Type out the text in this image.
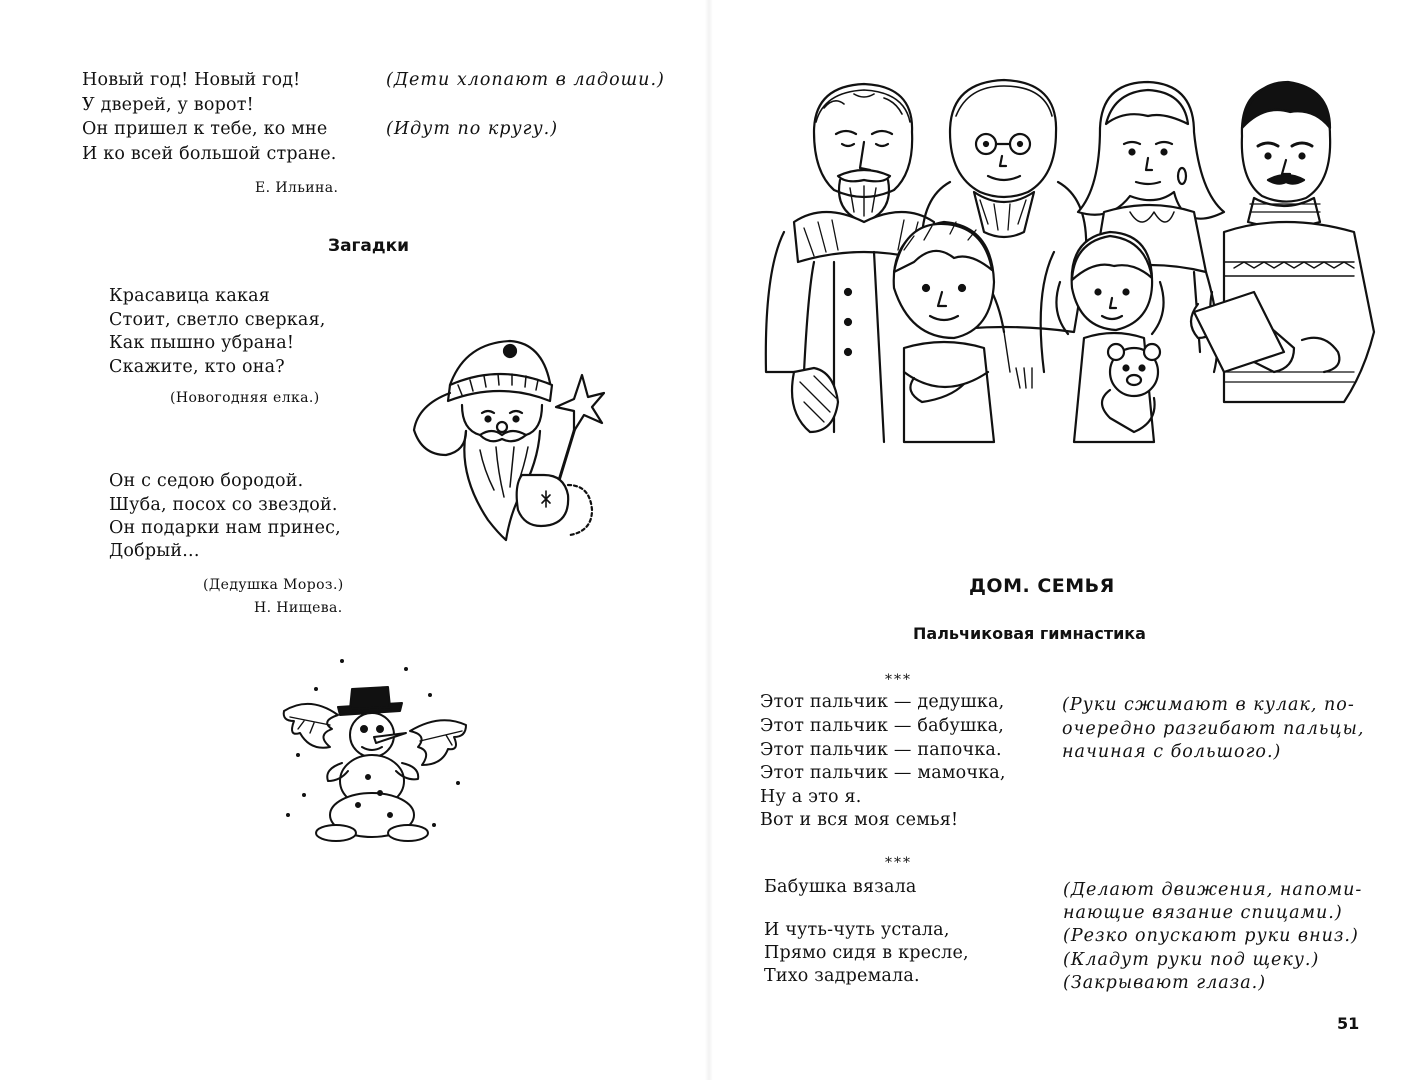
Новый год! Новый год!
У дверей, у ворот!
Он пришел к тебе, ко мне
И ко всей большой стране.
(Дети хлопают в ладоши.)
(Идут по кругу.)
Е. Ильина.
Загадки
Красавица какая
Стоит, светло сверкая,
Как пышно убрана!
Скажите, кто она?
(Новогодняя елка.)
Он с седою бородой.
Шуба, посох со звездой.
Он подарки нам принес,
Добрый...
(Дедушка Мороз.)
Н. Нищева.
ДОМ. СЕМЬЯ
Пальчиковая гимнастика
***
Этот пальчик — дедушка,
Этот пальчик — бабушка,
Этот пальчик — папочка.
Этот пальчик — мамочка,
Ну а это я.
Вот и вся моя семья!
(Руки сжимают в кулак, по-
очередно разгибают пальцы,
начиная с большого.)
***
Бабушка вязала
И чуть-чуть устала,
Прямо сидя в кресле,
Тихо задремала.
(Делают движения, напоми-
нающие вязание спицами.)
(Резко опускают руки вниз.)
(Кладут руки под щеку.)
(Закрывают глаза.)
51
